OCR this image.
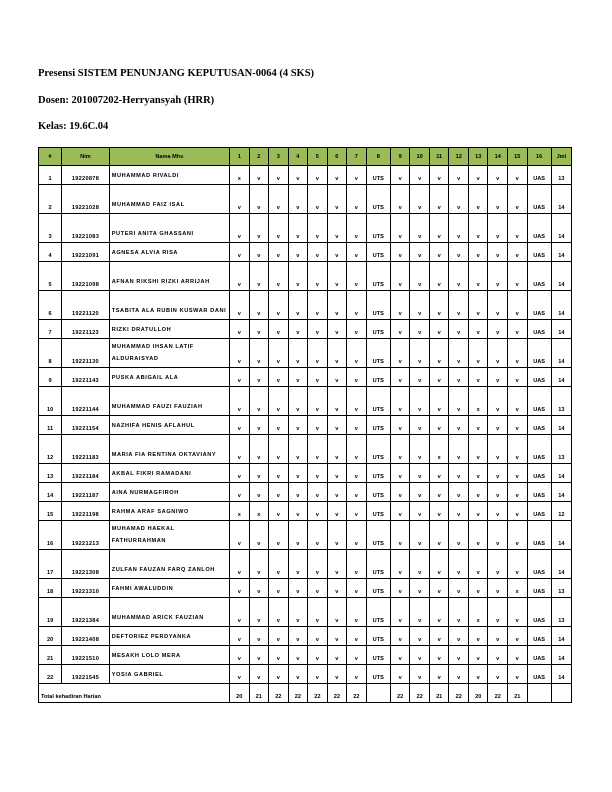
Presensi SISTEM PENUNJANG KEPUTUSAN-0064 (4 SKS)
Dosen: 201007202-Herryansyah (HRR)
Kelas: 19.6C.04
#	Nim	Nama Mhs	1	2	3	4	5	6	7	8	9	10	11	12	13	14	15	16	Jml
1	19220878	MUHAMMAD RIVALDI	x	v	v	v	v	v	v	UTS	v	v	v	v	v	v	v	UAS	13
2	19221028	MUHAMMAD FAIZ ISAL	v	v	v	v	v	v	v	UTS	v	v	v	v	v	v	v	UAS	14
3	19221083	PUTERI ANITA GHASSANI	v	v	v	v	v	v	v	UTS	v	v	v	v	v	v	v	UAS	14
4	19221091	AGNESA ALVIA RISA	v	v	v	v	v	v	v	UTS	v	v	v	v	v	v	v	UAS	14
5	19221098	AFNAN RIKSHI RIZKI ARRIJAH	v	v	v	v	v	v	v	UTS	v	v	v	v	v	v	v	UAS	14
6	19221120	TSABITA ALA RUBIN KUSWAR DANI	v	v	v	v	v	v	v	UTS	v	v	v	v	v	v	v	UAS	14
7	19221123	RIZKI DRATULLOH	v	v	v	v	v	v	v	UTS	v	v	v	v	v	v	v	UAS	14
8	19221130	MUHAMMAD IHSAN LATIF ALDURAISYAD	v	v	v	v	v	v	v	UTS	v	v	v	v	v	v	v	UAS	14
9	19221143	PUSKA ABIGAIL ALA	v	v	v	v	v	v	v	UTS	v	v	v	v	v	v	v	UAS	14
10	19221144	MUHAMMAD FAUZI FAUZIAH	v	v	v	v	v	v	v	UTS	v	v	v	v	x	v	v	UAS	13
11	19221154	NAZHIFA HENIS AFLAHUL	v	v	v	v	v	v	v	UTS	v	v	v	v	v	v	v	UAS	14
12	19221183	MARIA FIA RENTINA OKTAVIANY	v	v	v	v	v	v	v	UTS	v	v	x	v	v	v	v	UAS	13
13	19221184	AKBAL FIKRI RAMADANI	v	v	v	v	v	v	v	UTS	v	v	v	v	v	v	v	UAS	14
14	19221187	AINA NURMAGFIROH	v	v	v	v	v	v	v	UTS	v	v	v	v	v	v	v	UAS	14
15	19221198	RAHMA ARAF SAGNIWO	x	x	v	v	v	v	v	UTS	v	v	v	v	v	v	v	UAS	12
16	19221213	MUHAMAD HAEKAL FATHURRAHMAN	v	v	v	v	v	v	v	UTS	v	v	v	v	v	v	v	UAS	14
17	19221308	ZULFAN FAUZAN FARQ ZANLOH	v	v	v	v	v	v	v	UTS	v	v	v	v	v	v	v	UAS	14
18	19221310	FAHMI AWALUDDIN	v	v	v	v	v	v	v	UTS	v	v	v	v	v	v	x	UAS	13
19	19221384	MUHAMMAD ARICK FAUZIAN	v	v	v	v	v	v	v	UTS	v	v	v	v	x	v	v	UAS	13
20	19221408	DEFTORIEZ PERDYANKA	v	v	v	v	v	v	v	UTS	v	v	v	v	v	v	v	UAS	14
21	19221510	MESAKH LOLO MERA	v	v	v	v	v	v	v	UTS	v	v	v	v	v	v	v	UAS	14
22	19221545	YOSIA GABRIEL	v	v	v	v	v	v	v	UTS	v	v	v	v	v	v	v	UAS	14
Total kehadiran Harian			20	21	22	22	22	22	22		22	22	21	22	20	22	21		
